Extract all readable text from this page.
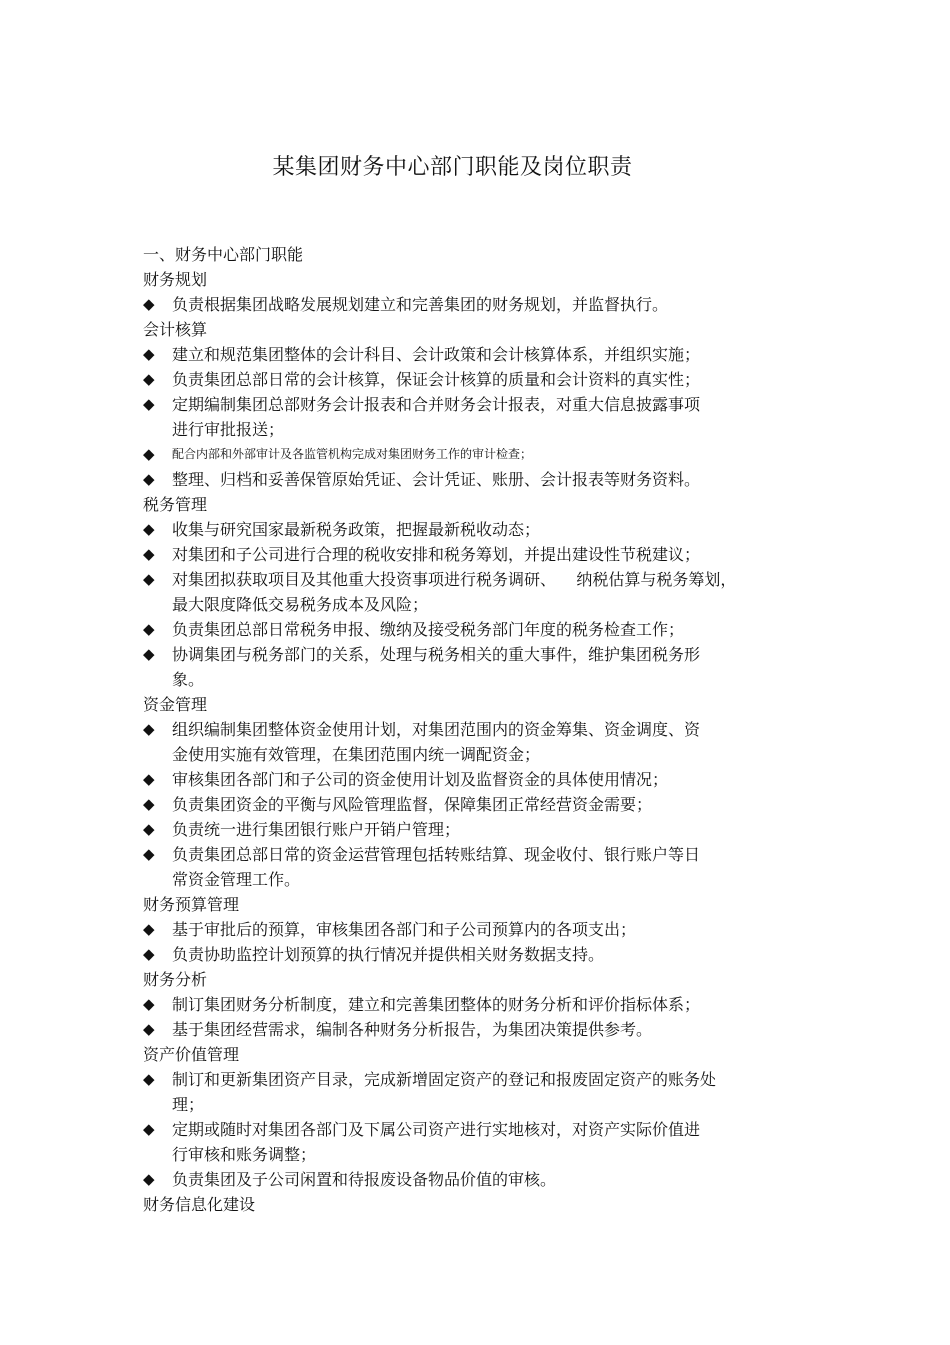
某集团财务中心部门职能及岗位职责
一、财务中心部门职能
财务规划
◆ 负责根据集团战略发展规划建立和完善集团的财务规划，并监督执行。
会计核算
◆ 建立和规范集团整体的会计科目、会计政策和会计核算体系，并组织实施；
◆ 负责集团总部日常的会计核算，保证会计核算的质量和会计资料的真实性；
◆ 定期编制集团总部财务会计报表和合并财务会计报表，对重大信息披露事项
进行审批报送；
◆ 配合内部和外部审计及各监管机构完成对集团财务工作的审计检查；
◆ 整理、归档和妥善保管原始凭证、会计凭证、账册、会计报表等财务资料。
税务管理
◆ 收集与研究国家最新税务政策，把握最新税收动态；
◆ 对集团和子公司进行合理的税收安排和税务筹划，并提出建设性节税建议；
◆ 对集团拟获取项目及其他重大投资事项进行税务调研、    纳税估算与税务筹划，
最大限度降低交易税务成本及风险；
◆ 负责集团总部日常税务申报、缴纳及接受税务部门年度的税务检查工作；
◆ 协调集团与税务部门的关系，处理与税务相关的重大事件，维护集团税务形
象。
资金管理
◆ 组织编制集团整体资金使用计划，对集团范围内的资金筹集、资金调度、资
金使用实施有效管理，在集团范围内统一调配资金；
◆ 审核集团各部门和子公司的资金使用计划及监督资金的具体使用情况；
◆ 负责集团资金的平衡与风险管理监督，保障集团正常经营资金需要；
◆ 负责统一进行集团银行账户开销户管理；
◆ 负责集团总部日常的资金运营管理包括转账结算、现金收付、银行账户等日
常资金管理工作。
财务预算管理
◆ 基于审批后的预算，审核集团各部门和子公司预算内的各项支出；
◆ 负责协助监控计划预算的执行情况并提供相关财务数据支持。
财务分析
◆ 制订集团财务分析制度，建立和完善集团整体的财务分析和评价指标体系；
◆ 基于集团经营需求，编制各种财务分析报告，为集团决策提供参考。
资产价值管理
◆ 制订和更新集团资产目录，完成新增固定资产的登记和报废固定资产的账务处
理；
◆ 定期或随时对集团各部门及下属公司资产进行实地核对，对资产实际价值进
行审核和账务调整；
◆ 负责集团及子公司闲置和待报废设备物品价值的审核。
财务信息化建设
